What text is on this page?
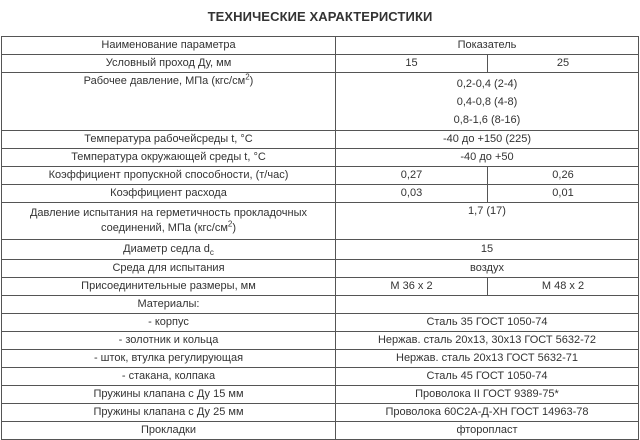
ТЕХНИЧЕСКИЕ ХАРАКТЕРИСТИКИ
Наименование параметра	Показатель	
Условный проход Ду, мм	15	25
Рабочее давление, МПа $(кгс/см^2)$	0,2-0,4 (2-4)
0,4-0,8 (4-8)
0,8-1,6 (8-16)	

Температура рабочейсреды t, °С	-40 до +150 (225)	
Температура окружающей среды t, °С	-40 до +50	
Коэффициент пропускной способности, (т/час)	0,27	0,26
Коэффициент расхода	0,03	0,01

Давление испытания на герметичность прокладочных
соединений, МПа $(кгс/см^2)$	1,7 (17)	
Диаметр седла $d_c$	15	
Среда для испытания	воздух	
Присоединительные размеры, мм	М 36 х 2	М 48 х 2
Материалы:		
- корпус	Сталь 35 ГОСТ 1050-74	
- золотник и кольца	Нержав. сталь 20х13, 30х13 ГОСТ 5632-72	
- шток, втулка регулирующая	Нержав. сталь 20х13 ГОСТ 5632-71	
- стакана, колпака	Сталь 45 ГОСТ 1050-74	
Пружины клапана с Ду 15 мм	Проволока II ГОСТ 9389-75*	
Пружины клапана с Ду 25 мм	Проволока 60С2А-Д-ХН ГОСТ 14963-78	
Прокладки	фторопласт	
